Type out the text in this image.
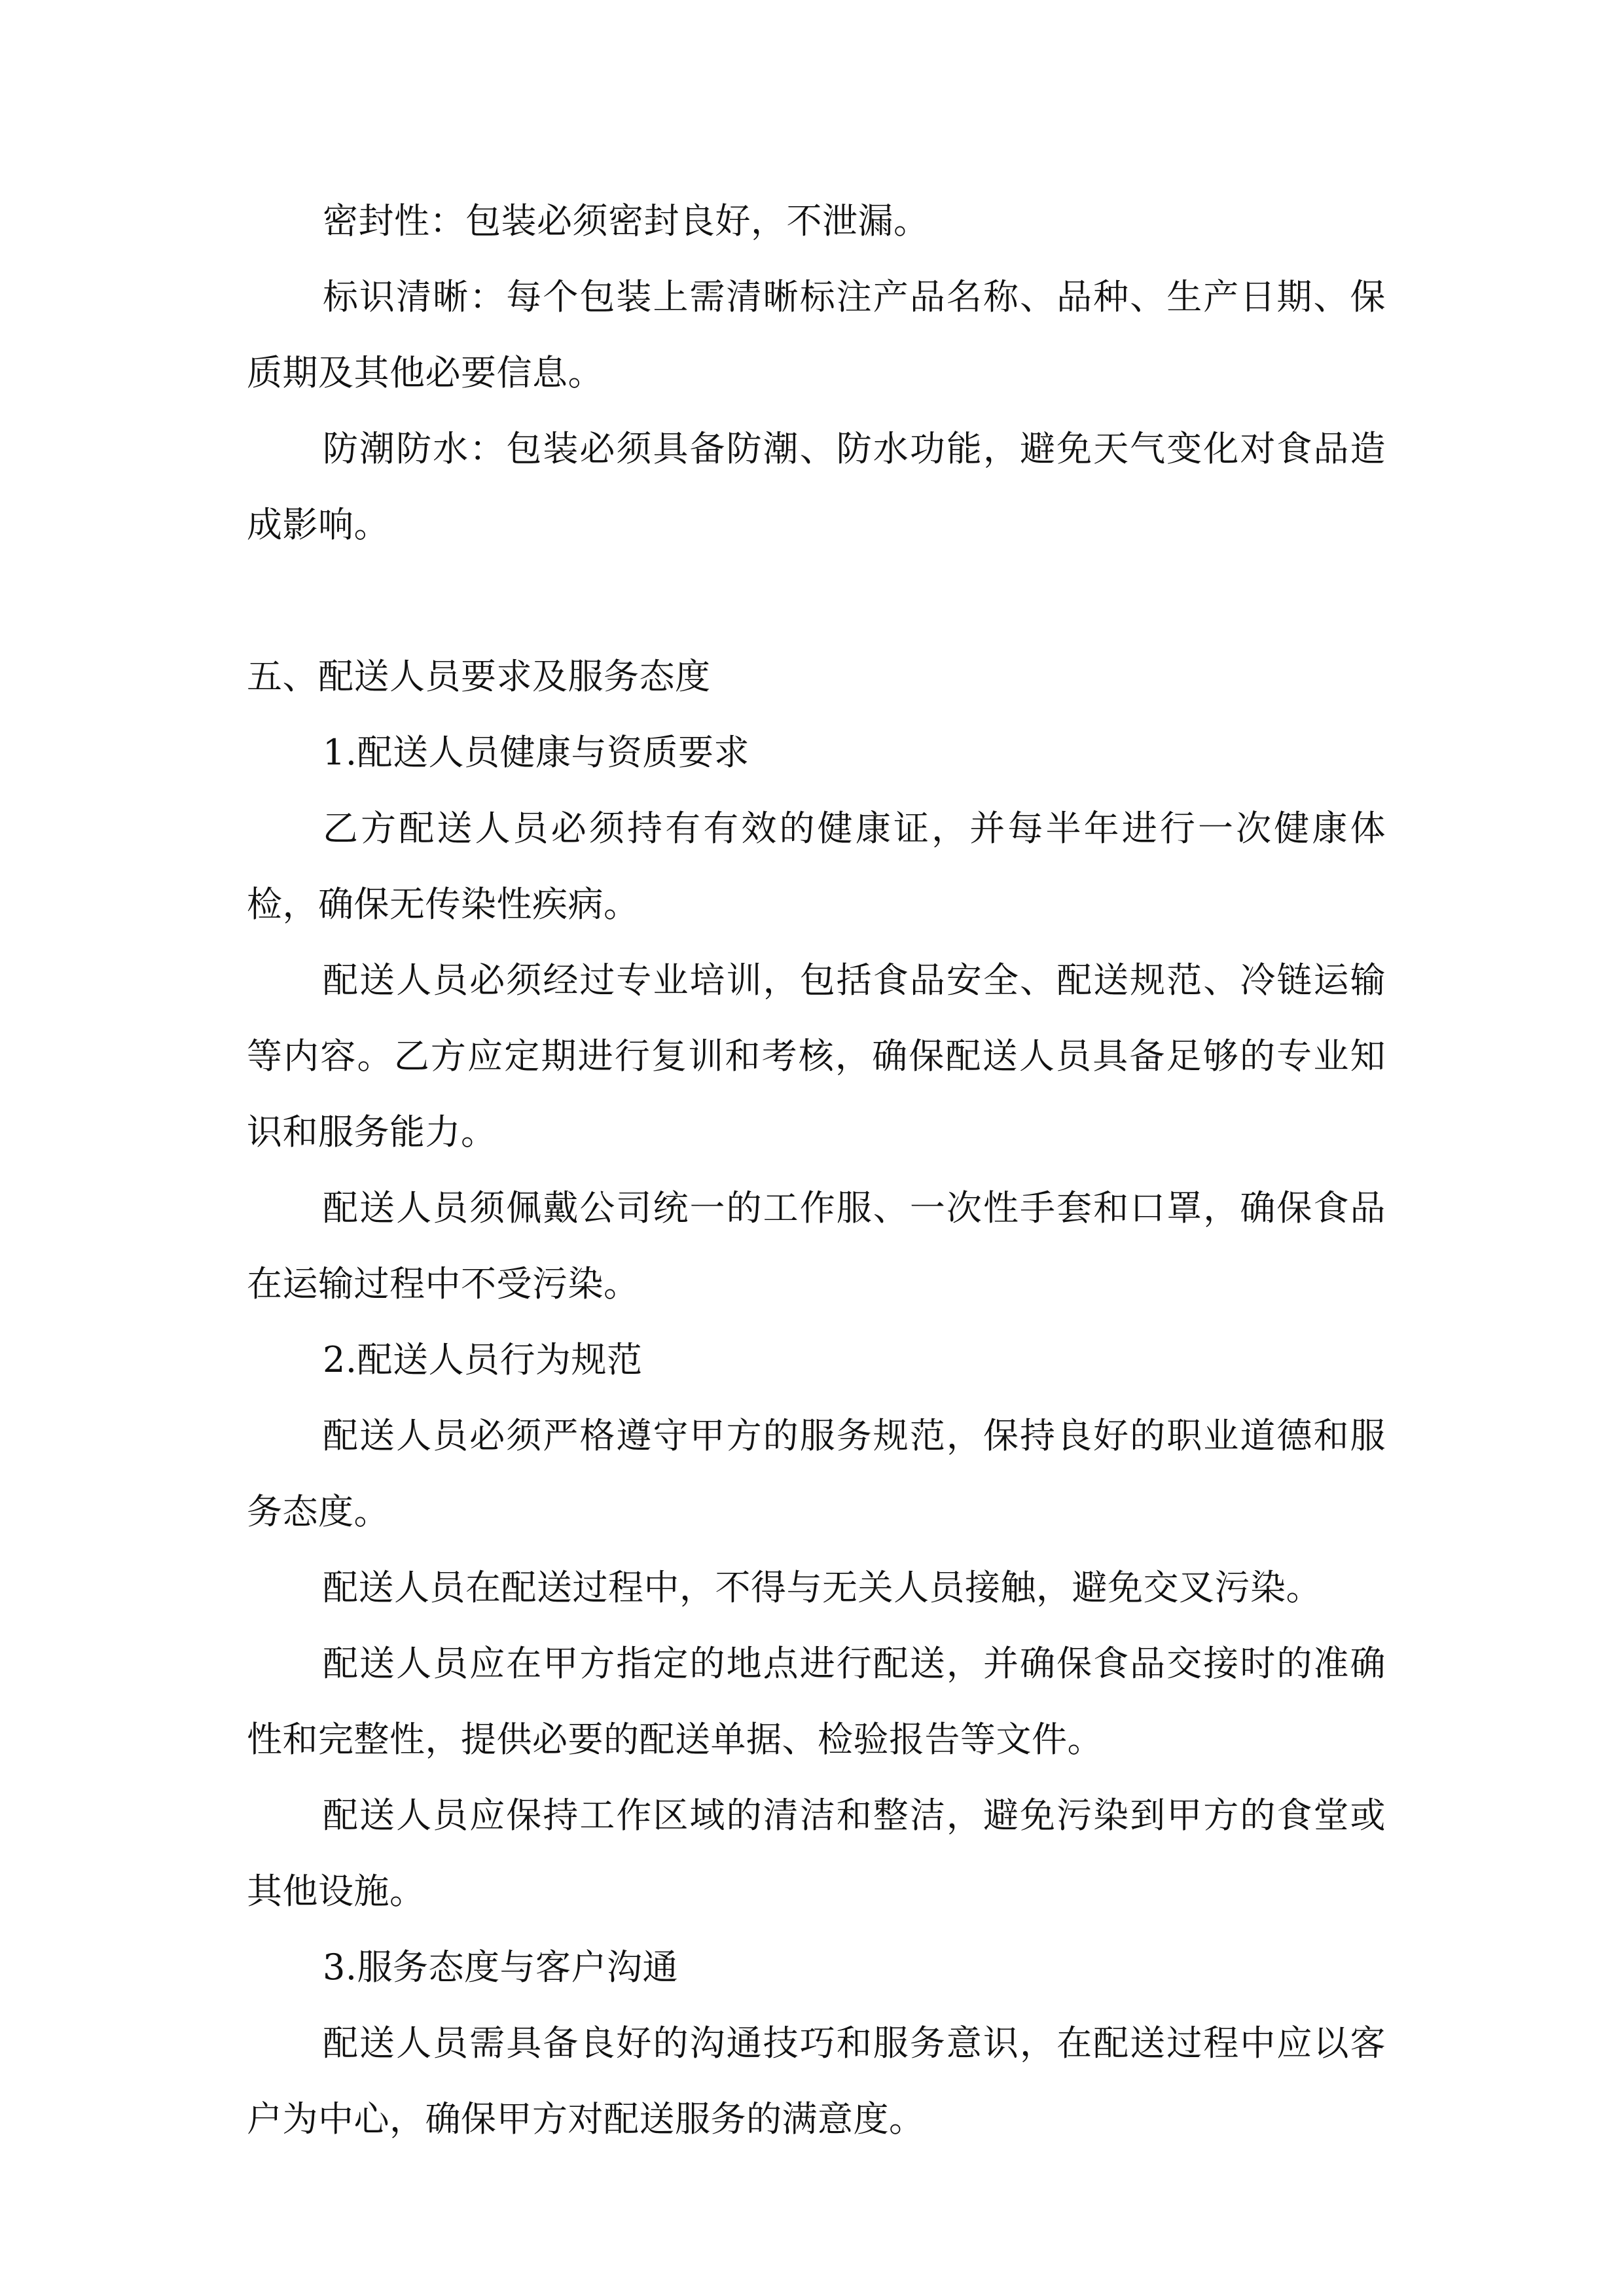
密封性：包装必须密封良好，不泄漏。

标识清晰：每个包装上需清晰标注产品名称、品种、生产日期、保质期及其他必要信息。

防潮防水：包装必须具备防潮、防水功能，避免天气变化对食品造成影响。

五、配送人员要求及服务态度

1.配送人员健康与资质要求

乙方配送人员必须持有有效的健康证，并每半年进行一次健康体检，确保无传染性疾病。

配送人员必须经过专业培训，包括食品安全、配送规范、冷链运输等内容。乙方应定期进行复训和考核，确保配送人员具备足够的专业知识和服务能力。

配送人员须佩戴公司统一的工作服、一次性手套和口罩，确保食品在运输过程中不受污染。

2.配送人员行为规范

配送人员必须严格遵守甲方的服务规范，保持良好的职业道德和服务态度。

配送人员在配送过程中，不得与无关人员接触，避免交叉污染。

配送人员应在甲方指定的地点进行配送，并确保食品交接时的准确性和完整性，提供必要的配送单据、检验报告等文件。

配送人员应保持工作区域的清洁和整洁，避免污染到甲方的食堂或其他设施。

3.服务态度与客户沟通

配送人员需具备良好的沟通技巧和服务意识，在配送过程中应以客户为中心，确保甲方对配送服务的满意度。
